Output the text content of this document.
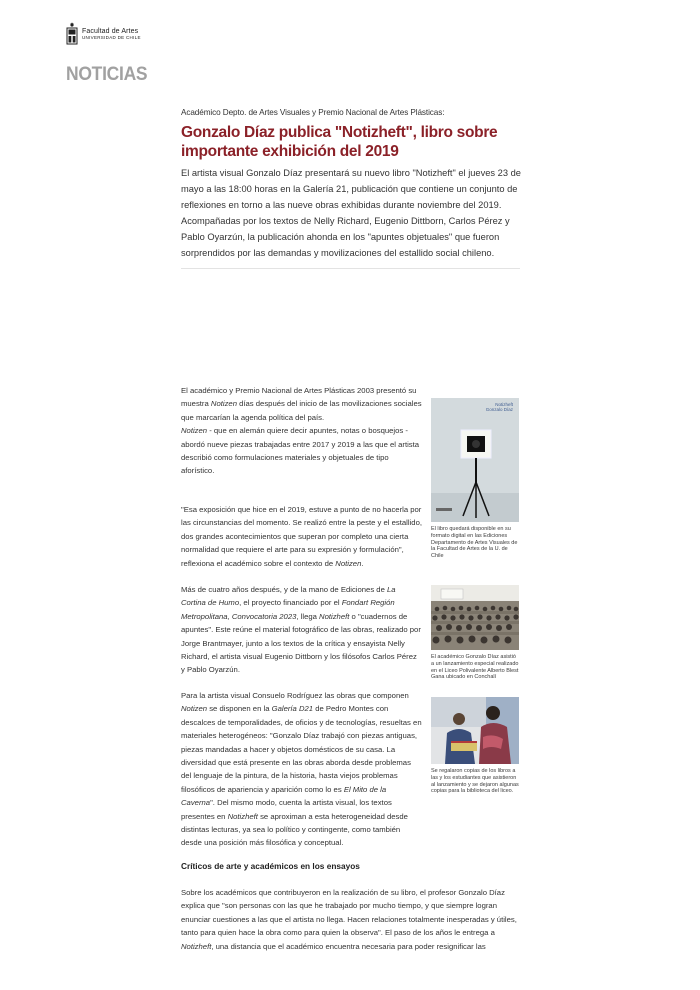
Facultad de Artes
UNIVERSIDAD DE CHILE
NOTICIAS
Académico Depto. de Artes Visuales y Premio Nacional de Artes Plásticas:
Gonzalo Díaz publica "Notizheft", libro sobre importante exhibición del 2019

El artista visual Gonzalo Díaz presentará su nuevo libro "Notizheft" el jueves 23 de mayo a las 18:00 horas en la Galería 21, publicación que contiene un conjunto de reflexiones en torno a las nueve obras exhibidas durante noviembre del 2019. Acompañadas por los textos de Nelly Richard, Eugenio Dittborn, Carlos Pérez y Pablo Oyarzún, la publicación ahonda en los "apuntes objetuales" que fueron sorprendidos por las demandas y movilizaciones del estallido social chileno.

El académico y Premio Nacional de Artes Plásticas 2003 presentó su muestra Notizen días después del inicio de las movilizaciones sociales que marcarían la agenda política del país.
Notizen - que en alemán quiere decir apuntes, notas o bosquejos - abordó nueve piezas trabajadas entre 2017 y 2019 a las que el artista describió como formulaciones materiales y objetuales de tipo aforístico.

"Esa exposición que hice en el 2019, estuve a punto de no hacerla por las circunstancias del momento. Se realizó entre la peste y el estallido, dos grandes acontecimientos que superan por completo una cierta normalidad que requiere el arte para su expresión y formulación", reflexiona el académico sobre el contexto de Notizen.

Más de cuatro años después, y de la mano de Ediciones de La Cortina de Humo, el proyecto financiado por el Fondart Región Metropolitana, Convocatoria 2023, llega Notizheft o "cuadernos de apuntes". Este reúne el material fotográfico de las obras, realizado por Jorge Brantmayer, junto a los textos de la crítica y ensayista Nelly Richard, el artista visual Eugenio Dittborn y los filósofos Carlos Pérez y Pablo Oyarzún.

Para la artista visual Consuelo Rodríguez las obras que componen Notizen se disponen en la Galería D21 de Pedro Montes con descalces de temporalidades, de oficios y de tecnologías, resueltas en materiales heterogéneos: "Gonzalo Díaz trabajó con piezas antiguas, piezas mandadas a hacer y objetos domésticos de su casa. La diversidad que está presente en las obras aborda desde problemas del lenguaje de la pintura, de la historia, hasta viejos problemas filosóficos de apariencia y aparición como lo es El Mito de la Caverna". Del mismo modo, cuenta la artista visual, los textos presentes en Notizheft se aproximan a esta heterogeneidad desde distintas lecturas, ya sea lo político y contingente, como también desde una posición más filosófica y conceptual.

Críticos de arte y académicos en los ensayos

Sobre los académicos que contribuyeron en la realización de su libro, el profesor Gonzalo Díaz explica que "son personas con las que he trabajado por mucho tiempo, y que siempre logran enunciar cuestiones a las que el artista no llega. Hacen relaciones totalmente inesperadas y útiles, tanto para quien hace la obra como para quien la observa". El paso de los años le entrega a Notizheft, una distancia que el académico encuentra necesaria para poder resignificar las

Notizheft
Gonzalo Díaz
El libro quedará disponible en su formato digital en las Ediciones Departamento de Artes Visuales de la Facultad de Artes de la U. de Chile
El académico Gonzalo Díaz asistió a un lanzamiento especial realizado en el Liceo Polivalente Alberto Blest Gana ubicado en Conchalí
Se regalaron copias de los libros a las y los estudiantes que asistieron al lanzamiento y se dejaron algunas copias para la biblioteca del liceo.
